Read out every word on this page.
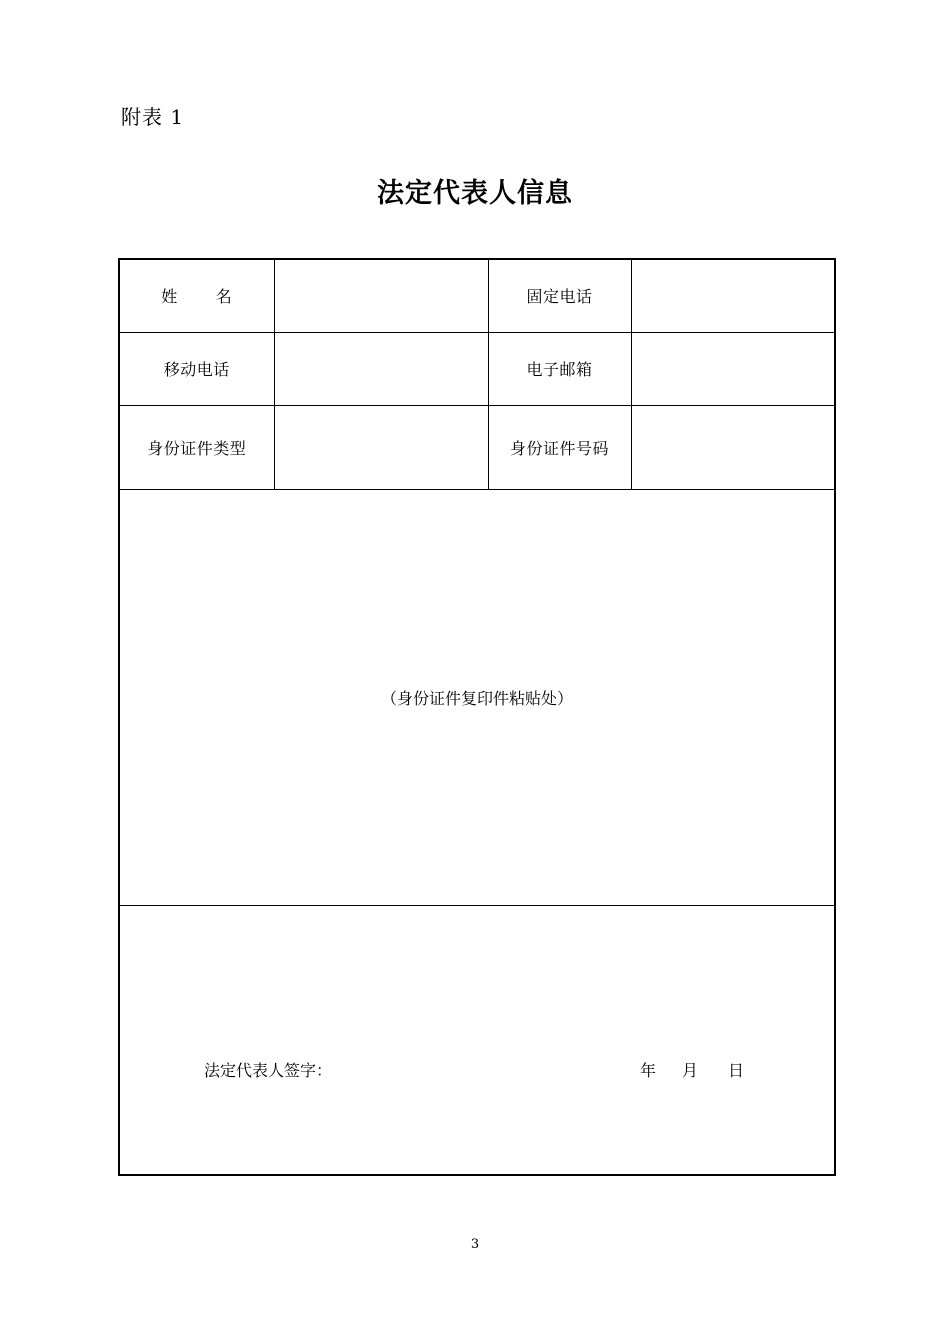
附表 1
法定代表人信息
姓 名		固定电话	
移动电话		电子邮箱	
身份证件类型		身份证件号码	
（身份证件复印件粘贴处）			

法定代表人签字： 年 月 日			
3
